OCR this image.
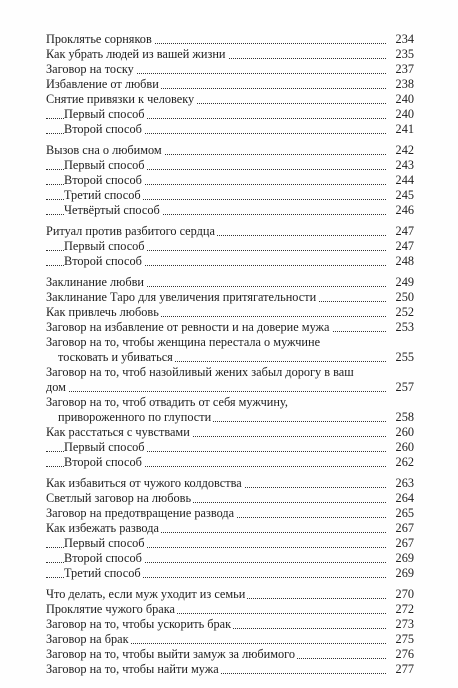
Проклятье сорняков	234
Как убрать людей из вашей жизни	235
Заговор на тоску	237
Избавление от любви	238
Снятие привязки к человеку	240
Первый способ	240
Второй способ	241
Вызов сна о любимом	242
Первый способ	243
Второй способ	244
Третий способ	245
Четвёртый способ	246
Ритуал против разбитого сердца	247
Первый способ	247
Второй способ	248
Заклинание любви	249
Заклинание Таро для увеличения притягательности	250
Как привлечь любовь	252
Заговор на избавление от ревности и на доверие мужа	253
Заговор на то, чтобы женщина перестала о мужчине
тосковать и убиваться	255
Заговор на то, чтоб назойливый жених забыл дорогу в ваш
дом	257
Заговор на то, чтоб отвадить от себя мужчину,
привороженного по глупости	258
Как расстаться с чувствами	260
Первый способ	260
Второй способ	262
Как избавиться от чужого колдовства	263
Светлый заговор на любовь	264
Заговор на предотвращение развода	265
Как избежать развода	267
Первый способ	267
Второй способ	269
Третий способ	269
Что делать, если муж уходит из семьи	270
Проклятие чужого брака	272
Заговор на то, чтобы ускорить брак	273
Заговор на брак	275
Заговор на то, чтобы выйти замуж за любимого	276
Заговор на то, чтобы найти мужа	277
